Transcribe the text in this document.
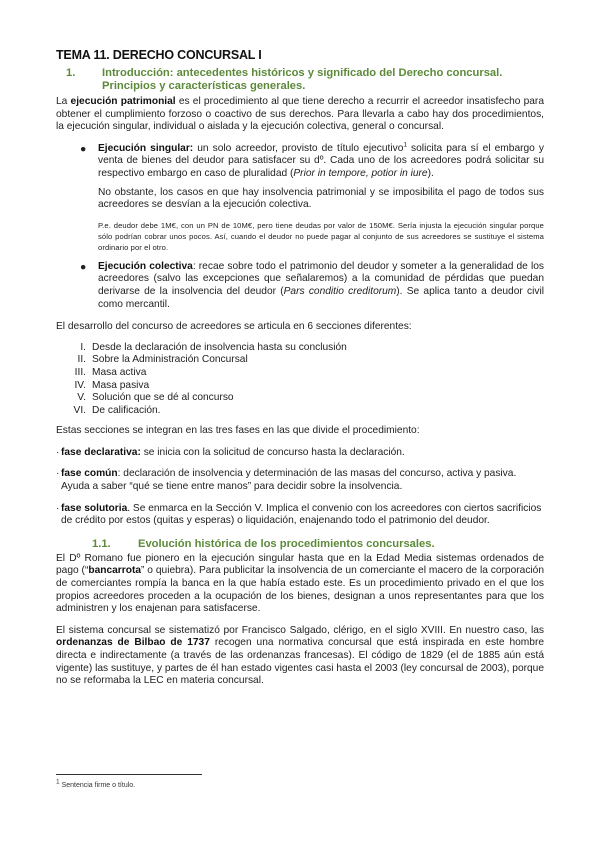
TEMA 11. DERECHO CONCURSAL I
1.	Introducción: antecedentes históricos y significado del Derecho concursal. Principios y características generales.

La ejecución patrimonial es el procedimiento al que tiene derecho a recurrir el acreedor insatisfecho para obtener el cumplimiento forzoso o coactivo de sus derechos. Para llevarla a cabo hay dos procedimientos, la ejecución singular, individual o aislada y la ejecución colectiva, general o concursal.

●	Ejecución singular: un solo acreedor, provisto de título ejecutivo$^1$ solicita para sí el embargo y venta de bienes del deudor para satisfacer su dº. Cada uno de los acreedores podrá solicitar su respectivo embargo en caso de pluralidad (Prior in tempore, potior in iure).

No obstante, los casos en que hay insolvencia patrimonial y se imposibilita el pago de todos sus acreedores se desvían a la ejecución colectiva.

P.e. deudor debe 1M€, con un PN de 10M€, pero tiene deudas por valor de 150M€. Sería injusta la ejecución singular porque sólo podrían cobrar unos pocos. Así, cuando el deudor no puede pagar al conjunto de sus acreedores se sustituye el sistema ordinario por el otro.

●	Ejecución colectiva: recae sobre todo el patrimonio del deudor y someter a la generalidad de los acreedores (salvo las excepciones que señalaremos) a la comunidad de pérdidas que puedan derivarse de la insolvencia del deudor (Pars conditio creditorum). Se aplica tanto a deudor civil como mercantil.

El desarrollo del concurso de acreedores se articula en 6 secciones diferentes:

I. Desde la declaración de insolvencia hasta su conclusión
II. Sobre la Administración Concursal
III. Masa activa
IV. Masa pasiva
V. Solución que se dé al concurso
VI. De calificación.

Estas secciones se integran en las tres fases en las que divide el procedimiento:

· fase declarativa: se inicia con la solicitud de concurso hasta la declaración.
· fase común: declaración de insolvencia y determinación de las masas del concurso, activa y pasiva. Ayuda a saber “qué se tiene entre manos” para decidir sobre la insolvencia.
· fase solutoria. Se enmarca en la Sección V. Implica el convenio con los acreedores con ciertos sacrificios de crédito por estos (quitas y esperas) o liquidación, enajenando todo el patrimonio del deudor.
1.1.	Evolución histórica de los procedimientos concursales.

El Dº Romano fue pionero en la ejecución singular hasta que en la Edad Media sistemas ordenados de pago (“bancarrota” o quiebra). Para publicitar la insolvencia de un comerciante el macero de la corporación de comerciantes rompía la banca en la que había estado este. Es un procedimiento privado en el que los propios acreedores proceden a la ocupación de los bienes, designan a unos representantes para que los administren y los enajenan para satisfacerse.

El sistema concursal se sistematizó por Francisco Salgado, clérigo, en el siglo XVIII. En nuestro caso, las ordenanzas de Bilbao de 1737 recogen una normativa concursal que está inspirada en este hombre directa e indirectamente (a través de las ordenanzas francesas). El código de 1829 (el de 1885 aún está vigente) las sustituye, y partes de él han estado vigentes casi hasta el 2003 (ley concursal de 2003), porque no se reformaba la LEC en materia concursal.

$^1$ Sentencia firme o título.
